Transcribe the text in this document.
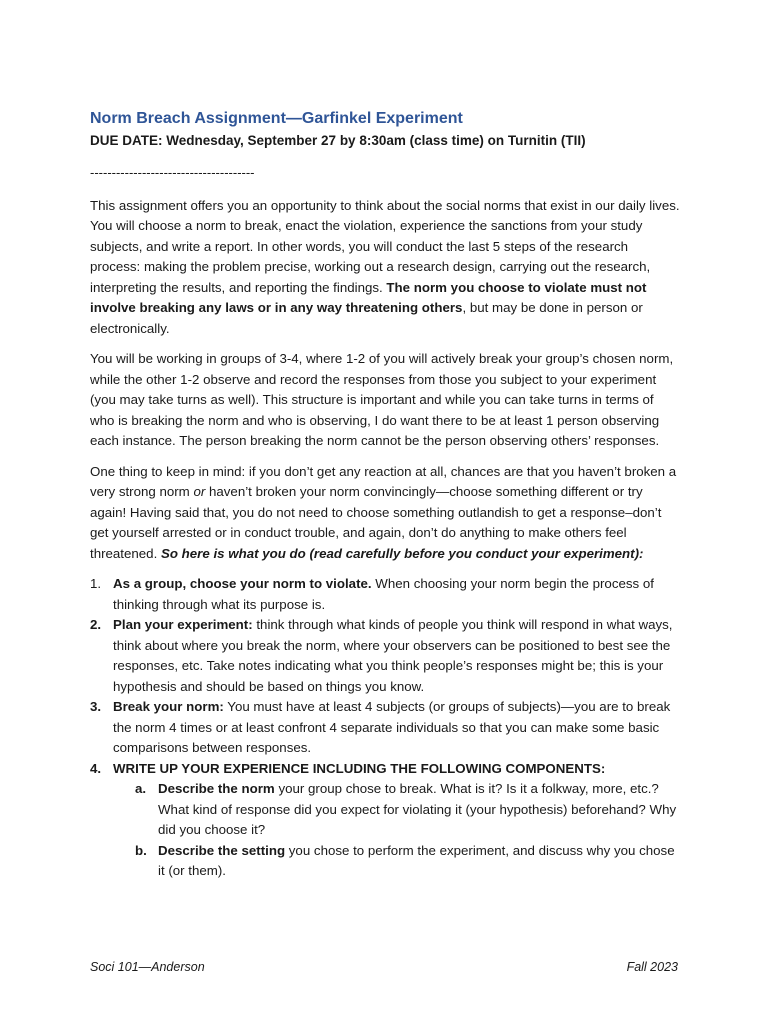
Norm Breach Assignment—Garfinkel Experiment

DUE DATE: Wednesday, September 27 by 8:30am (class time) on Turnitin (TII)

--------------------------------------

This assignment offers you an opportunity to think about the social norms that exist in our daily lives. You will choose a norm to break, enact the violation, experience the sanctions from your study subjects, and write a report. In other words, you will conduct the last 5 steps of the research process: making the problem precise, working out a research design, carrying out the research, interpreting the results, and reporting the findings. The norm you choose to violate must not involve breaking any laws or in any way threatening others, but may be done in person or electronically.

You will be working in groups of 3-4, where 1-2 of you will actively break your group’s chosen norm, while the other 1-2 observe and record the responses from those you subject to your experiment (you may take turns as well). This structure is important and while you can take turns in terms of who is breaking the norm and who is observing, I do want there to be at least 1 person observing each instance. The person breaking the norm cannot be the person observing others’ responses.

One thing to keep in mind: if you don’t get any reaction at all, chances are that you haven’t broken a very strong norm or haven’t broken your norm convincingly—choose something different or try again! Having said that, you do not need to choose something outlandish to get a response–don’t get yourself arrested or in conduct trouble, and again, don’t do anything to make others feel threatened. So here is what you do (read carefully before you conduct your experiment):

1. As a group, choose your norm to violate. When choosing your norm begin the process of thinking through what its purpose is.
2. Plan your experiment: think through what kinds of people you think will respond in what ways, think about where you break the norm, where your observers can be positioned to best see the responses, etc. Take notes indicating what you think people’s responses might be; this is your hypothesis and should be based on things you know.
3. Break your norm: You must have at least 4 subjects (or groups of subjects)—you are to break the norm 4 times or at least confront 4 separate individuals so that you can make some basic comparisons between responses.
4. WRITE UP YOUR EXPERIENCE INCLUDING THE FOLLOWING COMPONENTS:
a. Describe the norm your group chose to break. What is it? Is it a folkway, more, etc.? What kind of response did you expect for violating it (your hypothesis) beforehand? Why did you choose it?
b. Describe the setting you chose to perform the experiment, and discuss why you chose it (or them).
Soci 101—Anderson	Fall 2023
